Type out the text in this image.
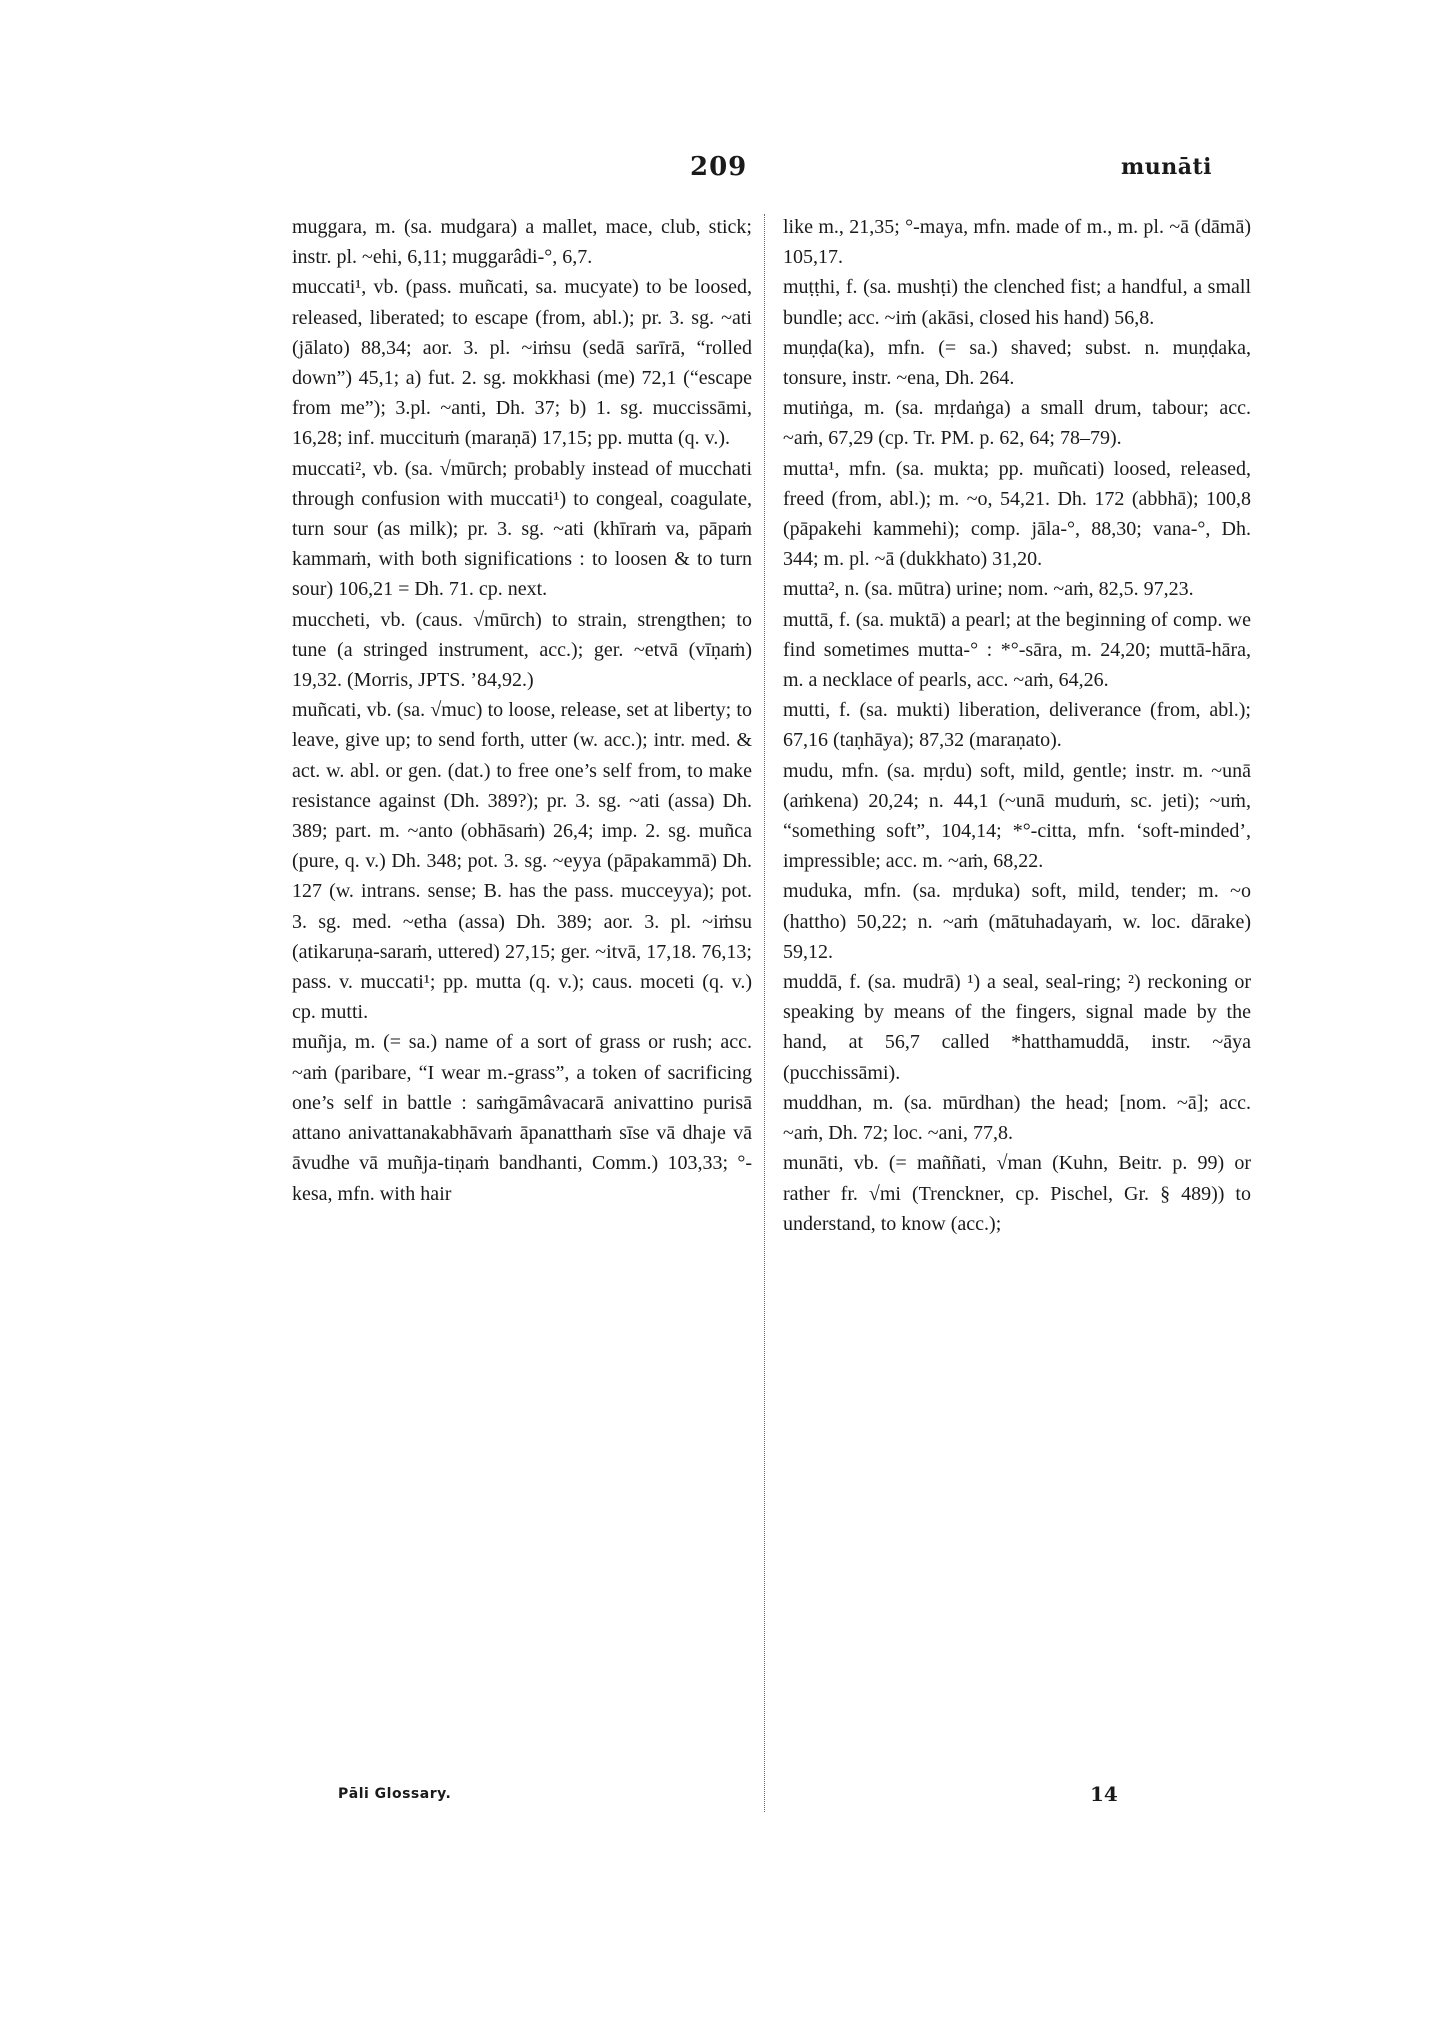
209	munāti

muggara, m. (sa. mudgara) a mallet, mace, club, stick; instr. pl. ~ehi, 6,11; muggarâdi-°, 6,7.

muccati¹, vb. (pass. muñcati, sa. mucyate) to be loosed, released, liberated; to escape (from, abl.); pr. 3. sg. ~ati (jālato) 88,34; aor. 3. pl. ~iṁsu (sedā sarīrā, “rolled down”) 45,1; a) fut. 2. sg. mokkhasi (me) 72,1 (“escape from me”); 3.pl. ~anti, Dh. 37; b) 1. sg. muccissāmi, 16,28; inf. muccituṁ (maraṇā) 17,15; pp. mutta (q. v.).

muccati², vb. (sa. √mūrch; probably instead of mucchati through confusion with muccati¹) to congeal, coagulate, turn sour (as milk); pr. 3. sg. ~ati (khīraṁ va, pāpaṁ kammaṁ, with both significations : to loosen & to turn sour) 106,21 = Dh. 71. cp. next.

muccheti, vb. (caus. √mūrch) to strain, strengthen; to tune (a stringed instrument, acc.); ger. ~etvā (vīṇaṁ) 19,32. (Morris, JPTS. ’84,92.)

muñcati, vb. (sa. √muc) to loose, release, set at liberty; to leave, give up; to send forth, utter (w. acc.); intr. med. & act. w. abl. or gen. (dat.) to free one’s self from, to make resistance against (Dh. 389?); pr. 3. sg. ~ati (assa) Dh. 389; part. m. ~anto (obhāsaṁ) 26,4; imp. 2. sg. muñca (pure, q. v.) Dh. 348; pot. 3. sg. ~eyya (pāpakammā) Dh. 127 (w. intrans. sense; B. has the pass. mucceyya); pot. 3. sg. med. ~etha (assa) Dh. 389; aor. 3. pl. ~iṁsu (atikaruṇa-saraṁ, uttered) 27,15; ger. ~itvā, 17,18. 76,13; pass. v. muccati¹; pp. mutta (q. v.); caus. moceti (q. v.) cp. mutti.

muñja, m. (= sa.) name of a sort of grass or rush; acc. ~aṁ (paribare, “I wear m.-grass”, a token of sacrificing one’s self in battle : saṁgāmâvacarā anivattino purisā attano anivattanakabhāvaṁ āpanatthaṁ sīse vā dhaje vā āvudhe vā muñja-tiṇaṁ bandhanti, Comm.) 103,33; °-kesa, mfn. with hair

like m., 21,35; °-maya, mfn. made of m., m. pl. ~ā (dāmā) 105,17.

muṭṭhi, f. (sa. mushṭi) the clenched fist; a handful, a small bundle; acc. ~iṁ (akāsi, closed his hand) 56,8.

muṇḍa(ka), mfn. (= sa.) shaved; subst. n. muṇḍaka, tonsure, instr. ~ena, Dh. 264.

mutiṅga, m. (sa. mṛdaṅga) a small drum, tabour; acc. ~aṁ, 67,29 (cp. Tr. PM. p. 62, 64; 78–79).

mutta¹, mfn. (sa. mukta; pp. muñcati) loosed, released, freed (from, abl.); m. ~o, 54,21. Dh. 172 (abbhā); 100,8 (pāpakehi kammehi); comp. jāla-°, 88,30; vana-°, Dh. 344; m. pl. ~ā (dukkhato) 31,20.

mutta², n. (sa. mūtra) urine; nom. ~aṁ, 82,5. 97,23.

muttā, f. (sa. muktā) a pearl; at the beginning of comp. we find sometimes mutta-° : *°-sāra, m. 24,20; muttā-hāra, m. a necklace of pearls, acc. ~aṁ, 64,26.

mutti, f. (sa. mukti) liberation, deliverance (from, abl.); 67,16 (taṇhāya); 87,32 (maraṇato).

mudu, mfn. (sa. mṛdu) soft, mild, gentle; instr. m. ~unā (aṁkena) 20,24; n. 44,1 (~unā muduṁ, sc. jeti); ~uṁ, “something soft”, 104,14; *°-citta, mfn. ‘soft-minded’, impressible; acc. m. ~aṁ, 68,22.

muduka, mfn. (sa. mṛduka) soft, mild, tender; m. ~o (hattho) 50,22; n. ~aṁ (mātuhadayaṁ, w. loc. dārake) 59,12.

muddā, f. (sa. mudrā) ¹) a seal, seal-ring; ²) reckoning or speaking by means of the fingers, signal made by the hand, at 56,7 called *hatthamuddā, instr. ~āya (pucchissāmi).

muddhan, m. (sa. mūrdhan) the head; [nom. ~ā]; acc. ~aṁ, Dh. 72; loc. ~ani, 77,8.

munāti, vb. (= maññati, √man (Kuhn, Beitr. p. 99) or rather fr. √mi (Trenckner, cp. Pischel, Gr. § 489)) to understand, to know (acc.);

Pāli Glossary.	14
